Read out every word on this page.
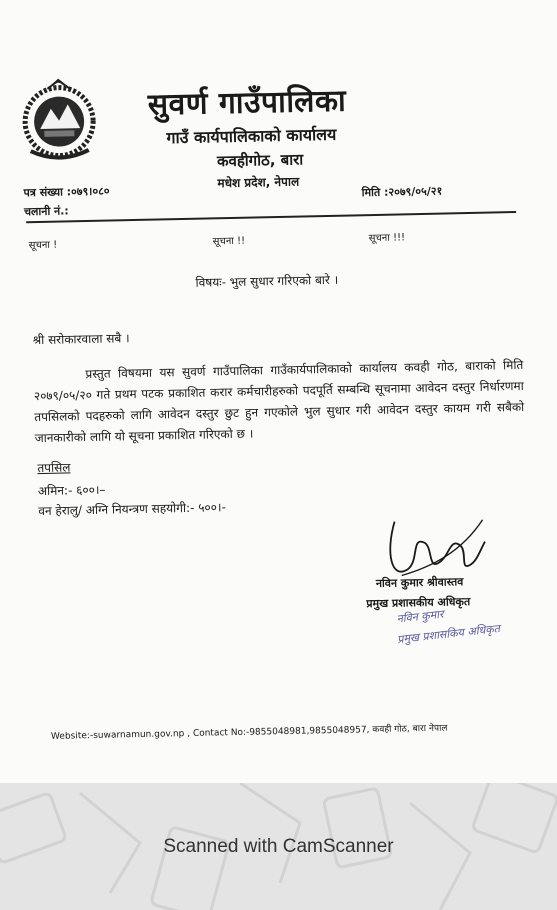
सुवर्ण गाउँपालिका
गाउँ कार्यपालिकाको कार्यालय
कवहीगोठ, बारा
मधेश प्रदेश, नेपाल
पत्र संख्या :०७९।०८०
चलानी नं.:
मिति :२०७९/०५/२१
सूचना !	सूचना !!	सूचना !!!
विषयः- भुल सुधार गरिएको बारे ।
श्री सरोकारवाला सबै ।
प्रस्तुत विषयमा यस सुवर्ण गाउँपालिका गाउँकार्यपालिकाको कार्यालय कवही गोठ, बाराको मिति २०७९/०५/२० गते प्रथम पटक प्रकाशित करार कर्मचारीहरुको पदपूर्ति सम्बन्धि सूचनामा आवेदन दस्तुर निर्धारणमा तपसिलको पदहरुको लागि आवेदन दस्तुर छुट हुन गएकोले भुल सुधार गरी आवेदन दस्तुर कायम गरी सबैको जानकारीको लागि यो सूचना प्रकाशित गरिएको छ ।
तपसिल
अमिन:- ६००।–
वन हेरालु/ अग्नि नियन्त्रण सहयोगी:- ५००।-
नविन कुमार श्रीवास्तव
प्रमुख प्रशासकीय अधिकृत
नविन कुमार
प्रमुख प्रशासकिय अधिकृत
Website:-suwarnamun.gov.np , Contact No:-9855048981,9855048957, कवही गोठ, बारा नेपाल
Scanned with CamScanner
